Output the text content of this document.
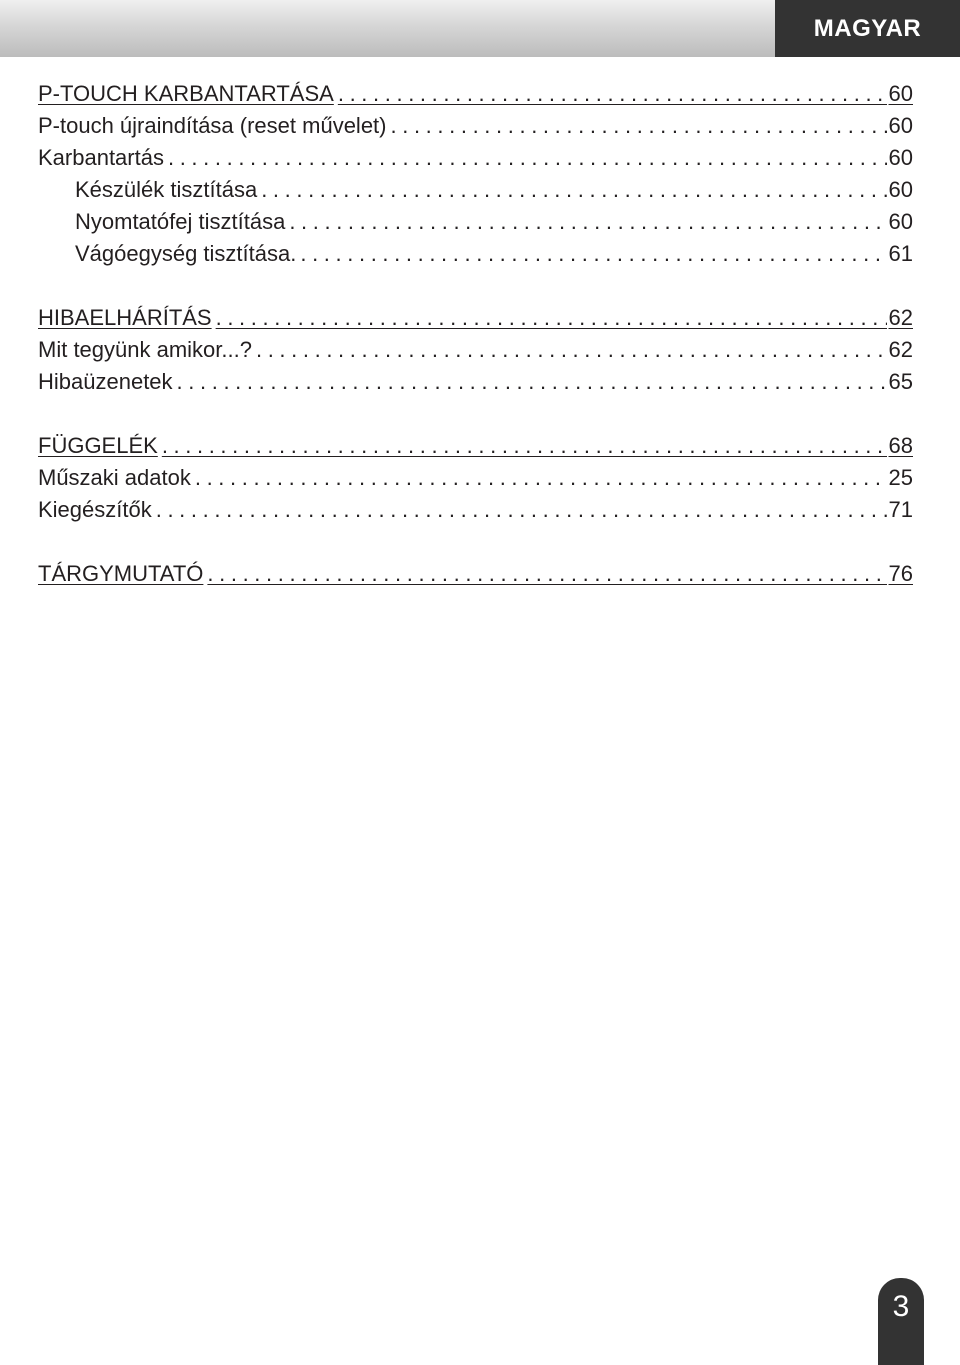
MAGYAR
P-TOUCH KARBANTARTÁSA . . .	60
P-touch újraindítása (reset művelet) . . .	60
Karbantartás . . .	60
Készülék tisztítása . . .	60
Nyomtatófej tisztítása . . .	60
Vágóegység tisztítása. . . .	61
HIBAELHÁRÍTÁS . . .	62
Mit tegyünk amikor...? . . .	62
Hibaüzenetek . . .	65
FÜGGELÉK . . .	68
Műszaki adatok . . .	25
Kiegészítők . . .	71
TÁRGYMUTATÓ . . .	76
3
